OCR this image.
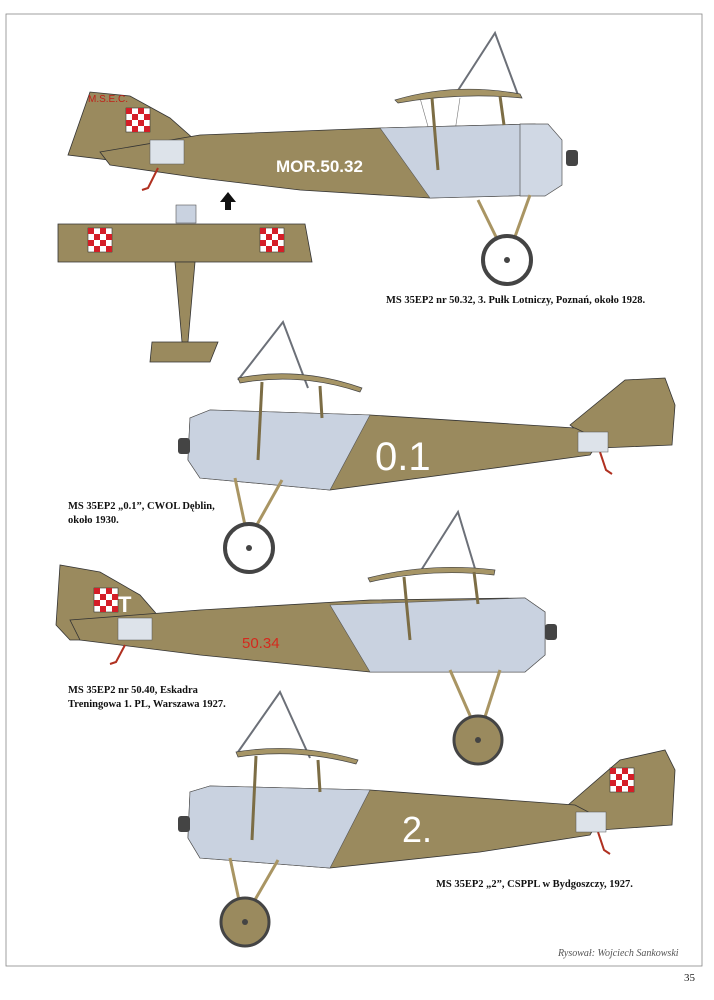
M.S.E.C.
MOR.50.32
0.1
T
50.34
2.
MS 35EP2 nr 50.32, 3. Pułk Lotniczy, Poznań, około 1928.
MS 35EP2 „0.1”, CWOL Dęblin,
około 1930.
MS 35EP2 nr 50.40, Eskadra
Treningowa 1. PL, Warszawa 1927.
MS 35EP2 „2”, CSPPL w Bydgoszczy, 1927.
Rysował: Wojciech Sankowski
35
